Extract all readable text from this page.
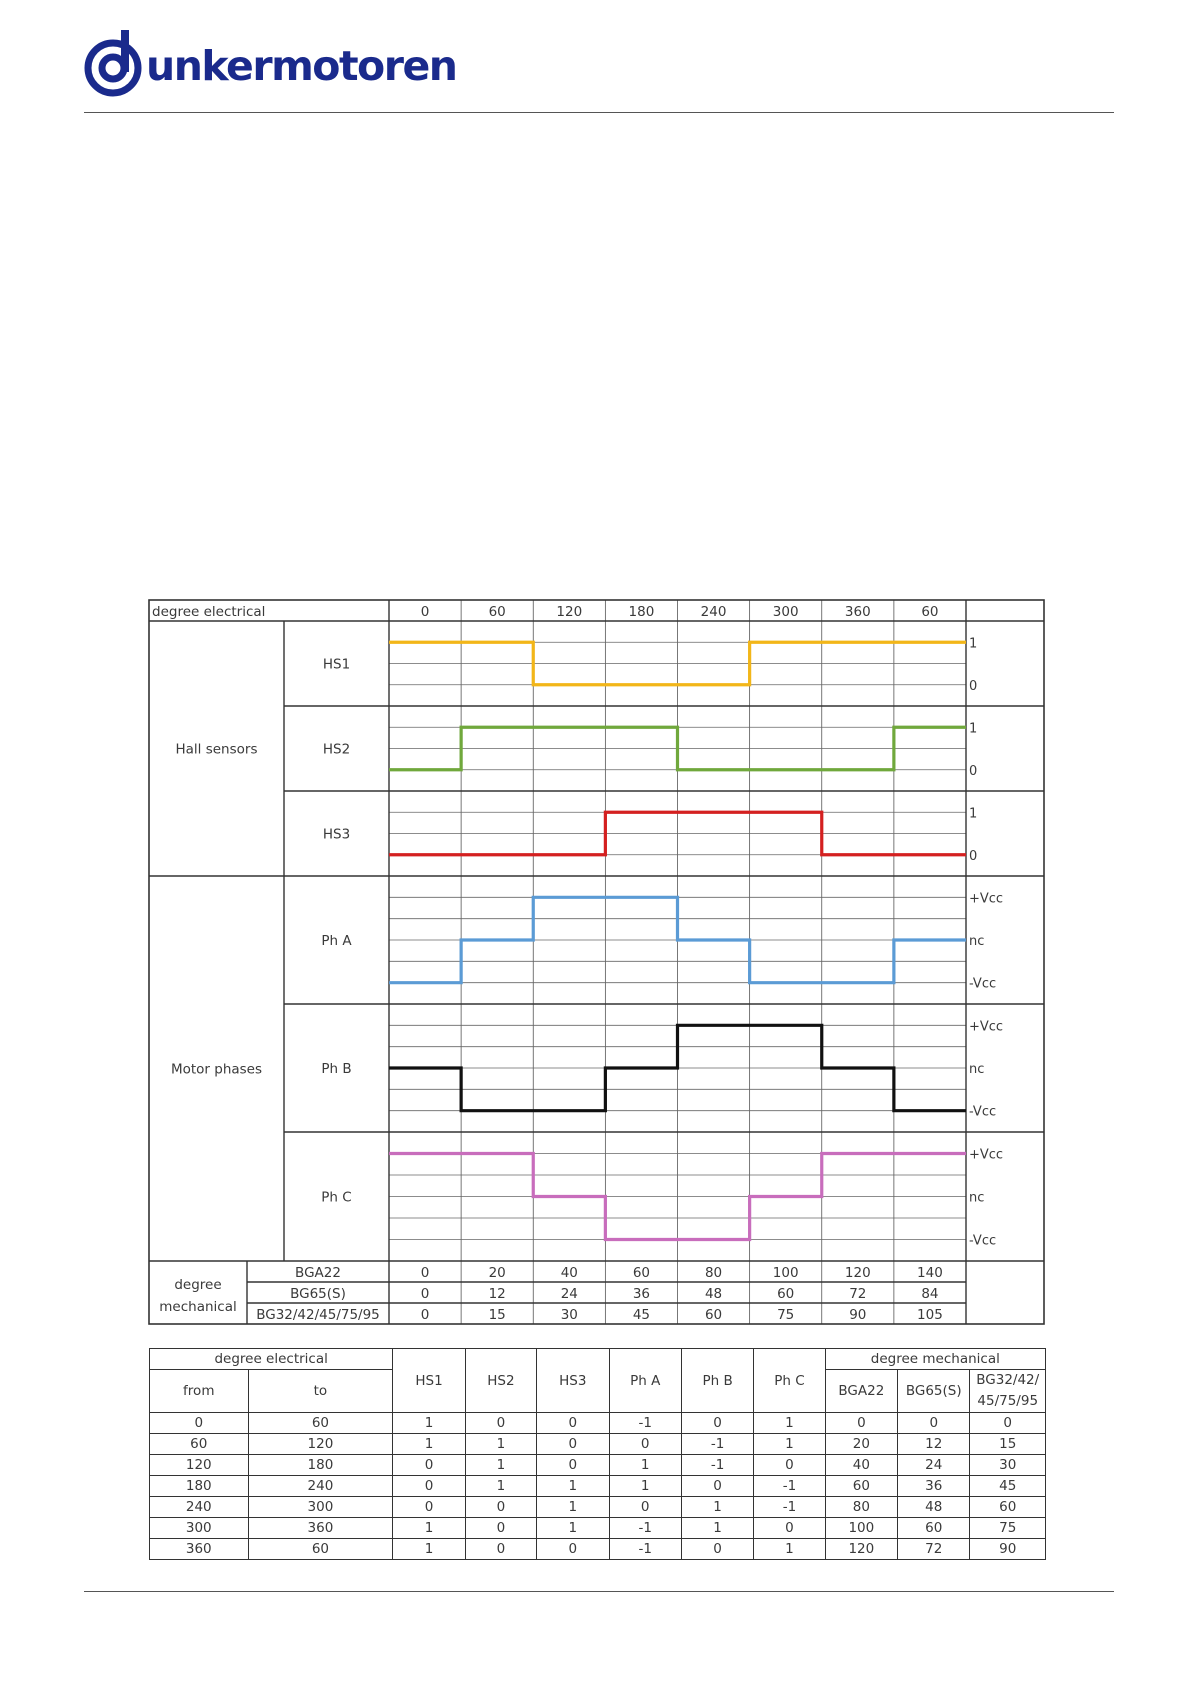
unkermotoren
degree electrical	0	60	120	180	240	300	360	60
Hall sensors
Motor phases
HS1
1
0
HS2
1
0
HS3
1
0
Ph A
+Vcc
nc
-Vcc
Ph B
+Vcc
nc
-Vcc
Ph C
+Vcc
nc
-Vcc
degree
mechanical
BGA22	0	20	40	60	80	100	120	140
BG65(S)	0	12	24	36	48	60	72	84
BG32/42/45/75/95	0	15	30	45	60	75	90	105
degree electrical		HS1	HS2	HS3	Ph A	Ph B	Ph C	degree mechanical		
from	to							BGA22	BG65(S)	BG32/42/ 45/75/95
0	60	1	0	0	-1	0	1	0	0	0
60	120	1	1	0	0	-1	1	20	12	15
120	180	0	1	0	1	-1	0	40	24	30
180	240	0	1	1	1	0	-1	60	36	45
240	300	0	0	1	0	1	-1	80	48	60
300	360	1	0	1	-1	1	0	100	60	75
360	60	1	0	0	-1	0	1	120	72	90
